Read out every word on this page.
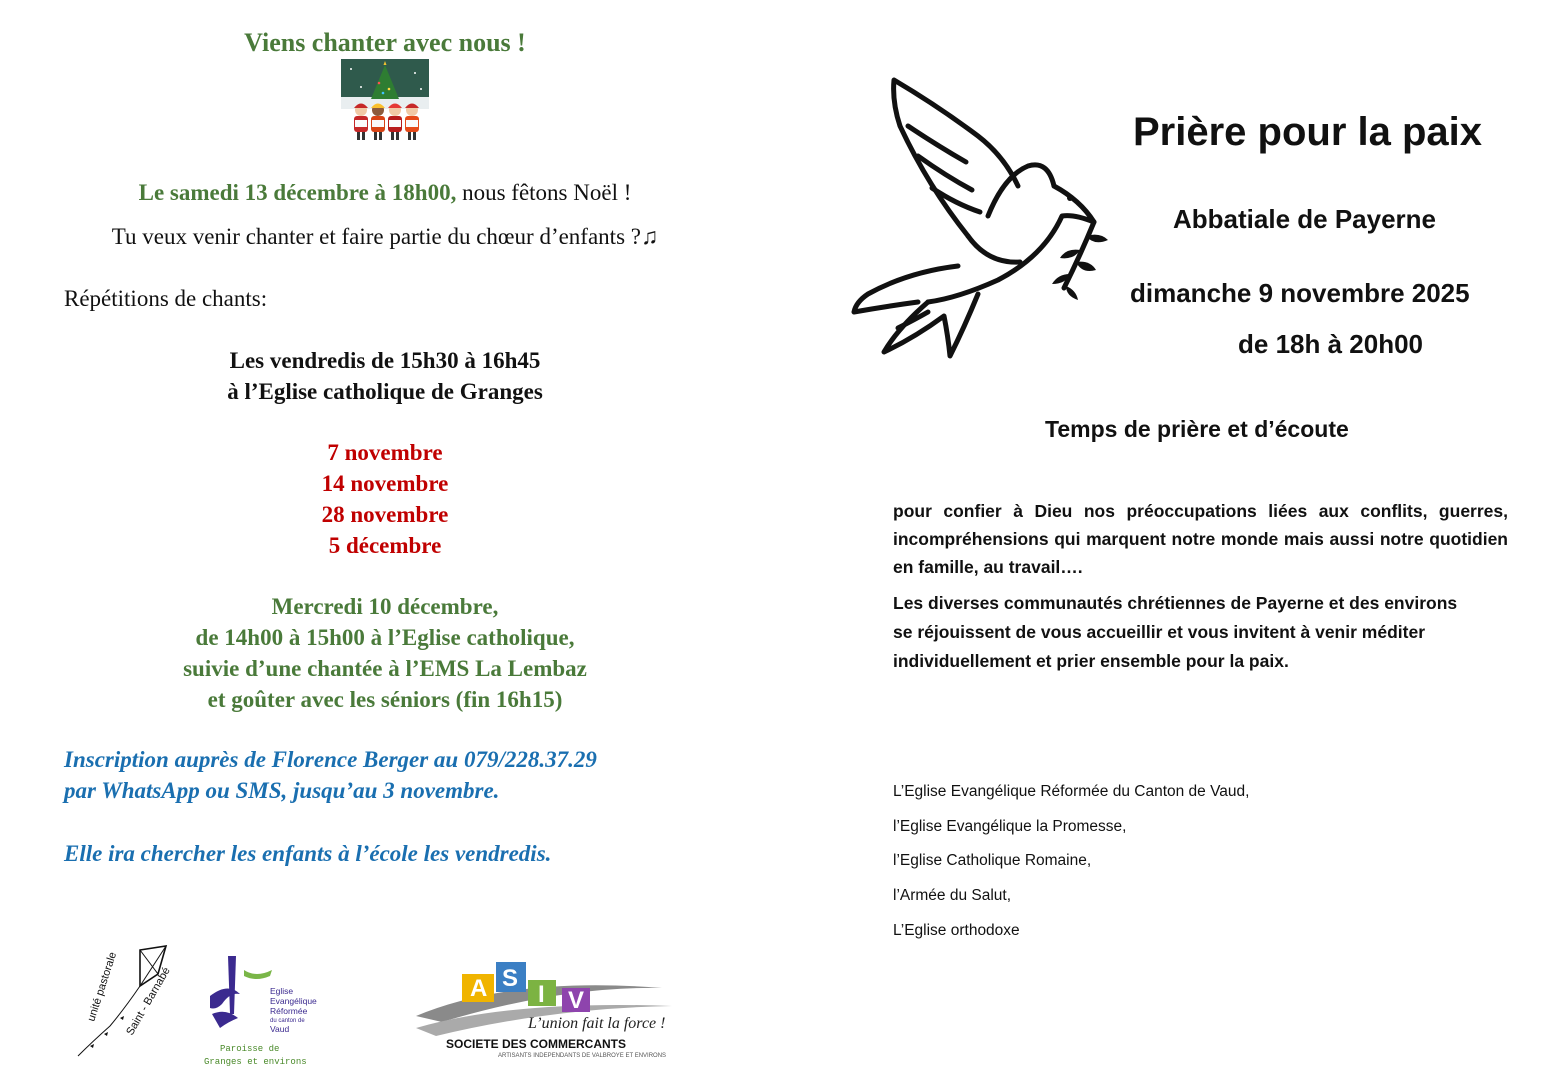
Viens chanter avec nous !
Le samedi 13 décembre à 18h00, nous fêtons Noël !
Tu veux venir chanter et faire partie du chœur d’enfants ?♫
Répétitions de chants:
Les vendredis de 15h30 à 16h45
à l’Eglise catholique de Granges
7 novembre
14 novembre
28 novembre
5 décembre
Mercredi 10 décembre,
de 14h00 à 15h00 à l’Eglise catholique,
suivie d’une chantée à l’EMS La Lembaz
et goûter avec les séniors (fin 16h15)
Inscription auprès de Florence Berger au 079/228.37.29
par WhatsApp ou SMS, jusqu’au 3 novembre.
Elle ira chercher les enfants à l’école les vendredis.
unité pastorale Saint - Barnabé	Eglise
Evangélique
Réformée
du canton de
Vaud
Paroisse de
Granges et environs
A S
I V
L’union fait la force !
SOCIETE DES COMMERCANTS
ARTISANTS INDEPENDANTS DE VALBROYE ET ENVIRONS
Prière pour la paix
Abbatiale de Payerne
dimanche 9 novembre 2025
de 18h à 20h00
Temps de prière et d’écoute
pour confier à Dieu nos préoccupations liées aux conflits, guerres, incompréhensions qui marquent notre monde mais aussi notre quotidien en famille, au travail….
Les diverses communautés chrétiennes de Payerne et des environs
se réjouissent de vous accueillir et vous invitent à venir méditer
individuellement et prier ensemble pour la paix.
L’Eglise Evangélique Réformée du Canton de Vaud,
l’Eglise Evangélique la Promesse,
l’Eglise Catholique Romaine,
l’Armée du Salut,
L’Eglise orthodoxe
